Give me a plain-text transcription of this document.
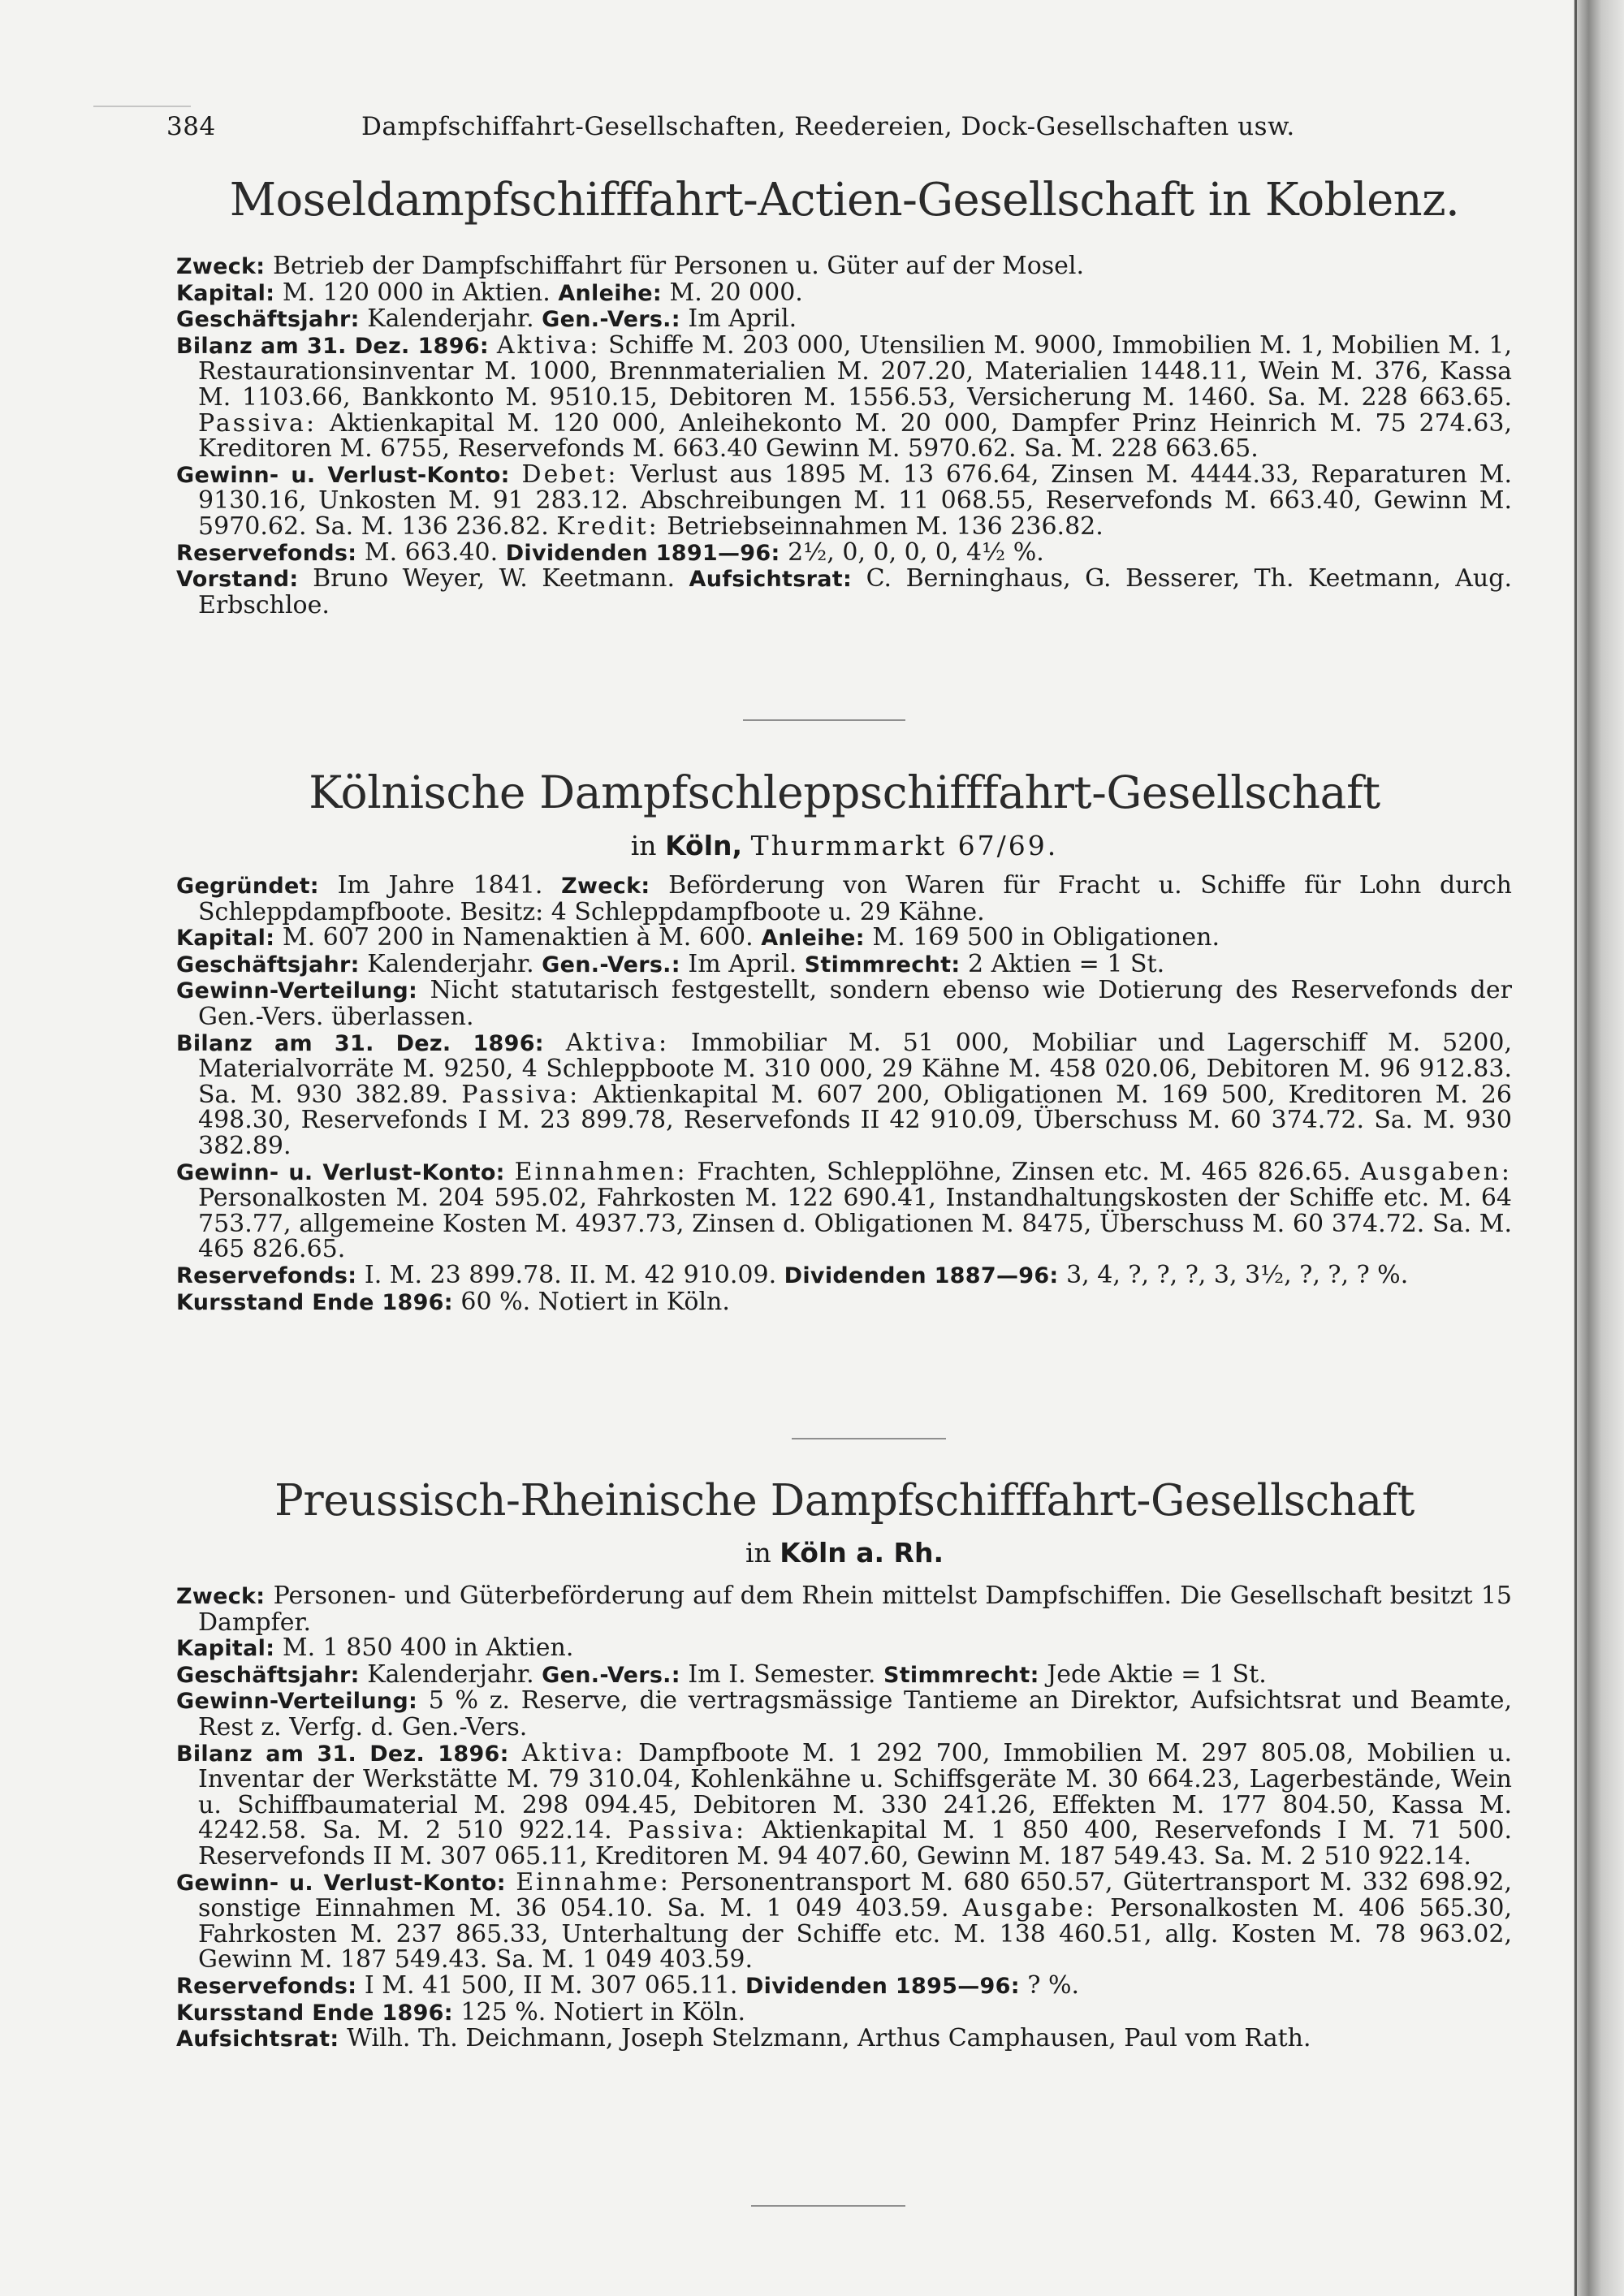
384	Dampfschiffahrt-Gesellschaften, Reedereien, Dock-Gesellschaften usw.
Moseldampfschifffahrt-Actien-Gesellschaft in Koblenz.
Zweck: Betrieb der Dampfschiffahrt für Personen u. Güter auf der Mosel.
Kapital: M. 120 000 in Aktien. Anleihe: M. 20 000.
Geschäftsjahr: Kalenderjahr. Gen.-Vers.: Im April.
Bilanz am 31. Dez. 1896: Aktiva: Schiffe M. 203 000, Utensilien M. 9000, Immobilien M. 1, Mobilien M. 1, Restaurationsinventar M. 1000, Brennmaterialien M. 207.20, Materialien 1448.11, Wein M. 376, Kassa M. 1103.66, Bankkonto M. 9510.15, Debitoren M. 1556.53, Versicherung M. 1460. Sa. M. 228 663.65. Passiva: Aktienkapital M. 120 000, Anleihekonto M. 20 000, Dampfer Prinz Heinrich M. 75 274.63, Kreditoren M. 6755, Reservefonds M. 663.40 Gewinn M. 5970.62. Sa. M. 228 663.65.
Gewinn- u. Verlust-Konto: Debet: Verlust aus 1895 M. 13 676.64, Zinsen M. 4444.33, Reparaturen M. 9130.16, Unkosten M. 91 283.12. Abschreibungen M. 11 068.55, Reservefonds M. 663.40, Gewinn M. 5970.62. Sa. M. 136 236.82. Kredit: Betriebseinnahmen M. 136 236.82.
Reservefonds: M. 663.40. Dividenden 1891—96: 2½, 0, 0, 0, 0, 4½ %.
Vorstand: Bruno Weyer, W. Keetmann. Aufsichtsrat: C. Berninghaus, G. Besserer, Th. Keetmann, Aug. Erbschloe.
Kölnische Dampfschleppschifffahrt-Gesellschaft
in Köln, Thurmmarkt 67/69.
Gegründet: Im Jahre 1841. Zweck: Beförderung von Waren für Fracht u. Schiffe für Lohn durch Schleppdampfboote. Besitz: 4 Schleppdampfboote u. 29 Kähne.
Kapital: M. 607 200 in Namenaktien à M. 600. Anleihe: M. 169 500 in Obligationen.
Geschäftsjahr: Kalenderjahr. Gen.-Vers.: Im April. Stimmrecht: 2 Aktien = 1 St.
Gewinn-Verteilung: Nicht statutarisch festgestellt, sondern ebenso wie Dotierung des Reservefonds der Gen.-Vers. überlassen.
Bilanz am 31. Dez. 1896: Aktiva: Immobiliar M. 51 000, Mobiliar und Lagerschiff M. 5200, Materialvorräte M. 9250, 4 Schleppboote M. 310 000, 29 Kähne M. 458 020.06, Debitoren M. 96 912.83. Sa. M. 930 382.89. Passiva: Aktienkapital M. 607 200, Obligationen M. 169 500, Kreditoren M. 26 498.30, Reservefonds I M. 23 899.78, Reservefonds II 42 910.09, Überschuss M. 60 374.72. Sa. M. 930 382.89.
Gewinn- u. Verlust-Konto: Einnahmen: Frachten, Schlepplöhne, Zinsen etc. M. 465 826.65. Ausgaben: Personalkosten M. 204 595.02, Fahrkosten M. 122 690.41, Instandhaltungskosten der Schiffe etc. M. 64 753.77, allgemeine Kosten M. 4937.73, Zinsen d. Obligationen M. 8475, Überschuss M. 60 374.72. Sa. M. 465 826.65.
Reservefonds: I. M. 23 899.78. II. M. 42 910.09. Dividenden 1887—96: 3, 4, ?, ?, ?, 3, 3½, ?, ?, ? %.
Kursstand Ende 1896: 60 %. Notiert in Köln.
Preussisch-Rheinische Dampfschifffahrt-Gesellschaft
in Köln a. Rh.
Zweck: Personen- und Güterbeförderung auf dem Rhein mittelst Dampfschiffen. Die Gesellschaft besitzt 15 Dampfer.
Kapital: M. 1 850 400 in Aktien.
Geschäftsjahr: Kalenderjahr. Gen.-Vers.: Im I. Semester. Stimmrecht: Jede Aktie = 1 St.
Gewinn-Verteilung: 5 % z. Reserve, die vertragsmässige Tantieme an Direktor, Aufsichtsrat und Beamte, Rest z. Verfg. d. Gen.-Vers.
Bilanz am 31. Dez. 1896: Aktiva: Dampfboote M. 1 292 700, Immobilien M. 297 805.08, Mobilien u. Inventar der Werkstätte M. 79 310.04, Kohlenkähne u. Schiffsgeräte M. 30 664.23, Lagerbestände, Wein u. Schiffbaumaterial M. 298 094.45, Debitoren M. 330 241.26, Effekten M. 177 804.50, Kassa M. 4242.58. Sa. M. 2 510 922.14. Passiva: Aktienkapital M. 1 850 400, Reservefonds I M. 71 500. Reservefonds II M. 307 065.11, Kreditoren M. 94 407.60, Gewinn M. 187 549.43. Sa. M. 2 510 922.14.
Gewinn- u. Verlust-Konto: Einnahme: Personentransport M. 680 650.57, Gütertransport M. 332 698.92, sonstige Einnahmen M. 36 054.10. Sa. M. 1 049 403.59. Ausgabe: Personalkosten M. 406 565.30, Fahrkosten M. 237 865.33, Unterhaltung der Schiffe etc. M. 138 460.51, allg. Kosten M. 78 963.02, Gewinn M. 187 549.43. Sa. M. 1 049 403.59.
Reservefonds: I M. 41 500, II M. 307 065.11. Dividenden 1895—96: ? %.
Kursstand Ende 1896: 125 %. Notiert in Köln.
Aufsichtsrat: Wilh. Th. Deichmann, Joseph Stelzmann, Arthus Camphausen, Paul vom Rath.
